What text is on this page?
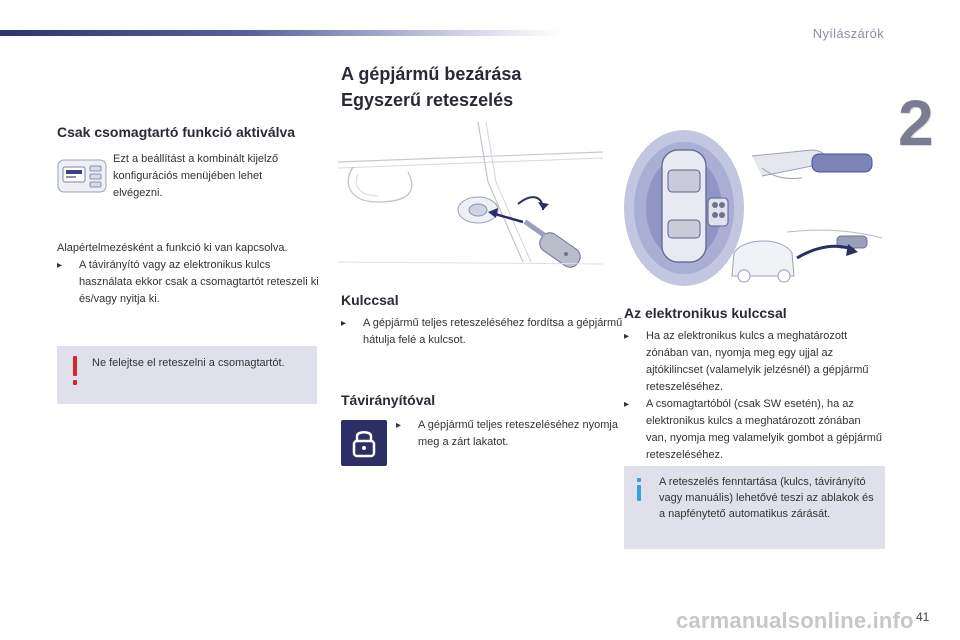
Nyílászárók
2
Csak csomagtartó funkció aktiválva
Ezt a beállítást a kombinált kijelző konfigurációs menüjében lehet elvégezni.

Alapértelmezésként a funkció ki van kapcsolva.

▸ A távirányító vagy az elektronikus kulcs használata ekkor csak a csomagtartót reteszeli ki és/vagy nyitja ki.
Ne felejtse el reteszelni a csomagtartót.
A gépjármű bezárása
Egyszerű reteszelés
Kulccsal
▸ A gépjármű teljes reteszeléséhez fordítsa a gépjármű hátulja felé a kulcsot.
Távirányítóval
▸ A gépjármű teljes reteszeléséhez nyomja meg a zárt lakatot.
Az elektronikus kulccsal
▸ Ha az elektronikus kulcs a meghatározott zónában van, nyomja meg egy ujjal az ajtókilincset (valamelyik jelzésnél) a gépjármű reteszeléséhez.
▸ A csomagtartóból (csak SW esetén), ha az elektronikus kulcs a meghatározott zónában van, nyomja meg valamelyik gombot a gépjármű reteszeléséhez.
A reteszelés fenntartása (kulcs, távirányító vagy manuális) lehetővé teszi az ablakok és a napfénytető automatikus zárását.
41
carmanualsonline.info
